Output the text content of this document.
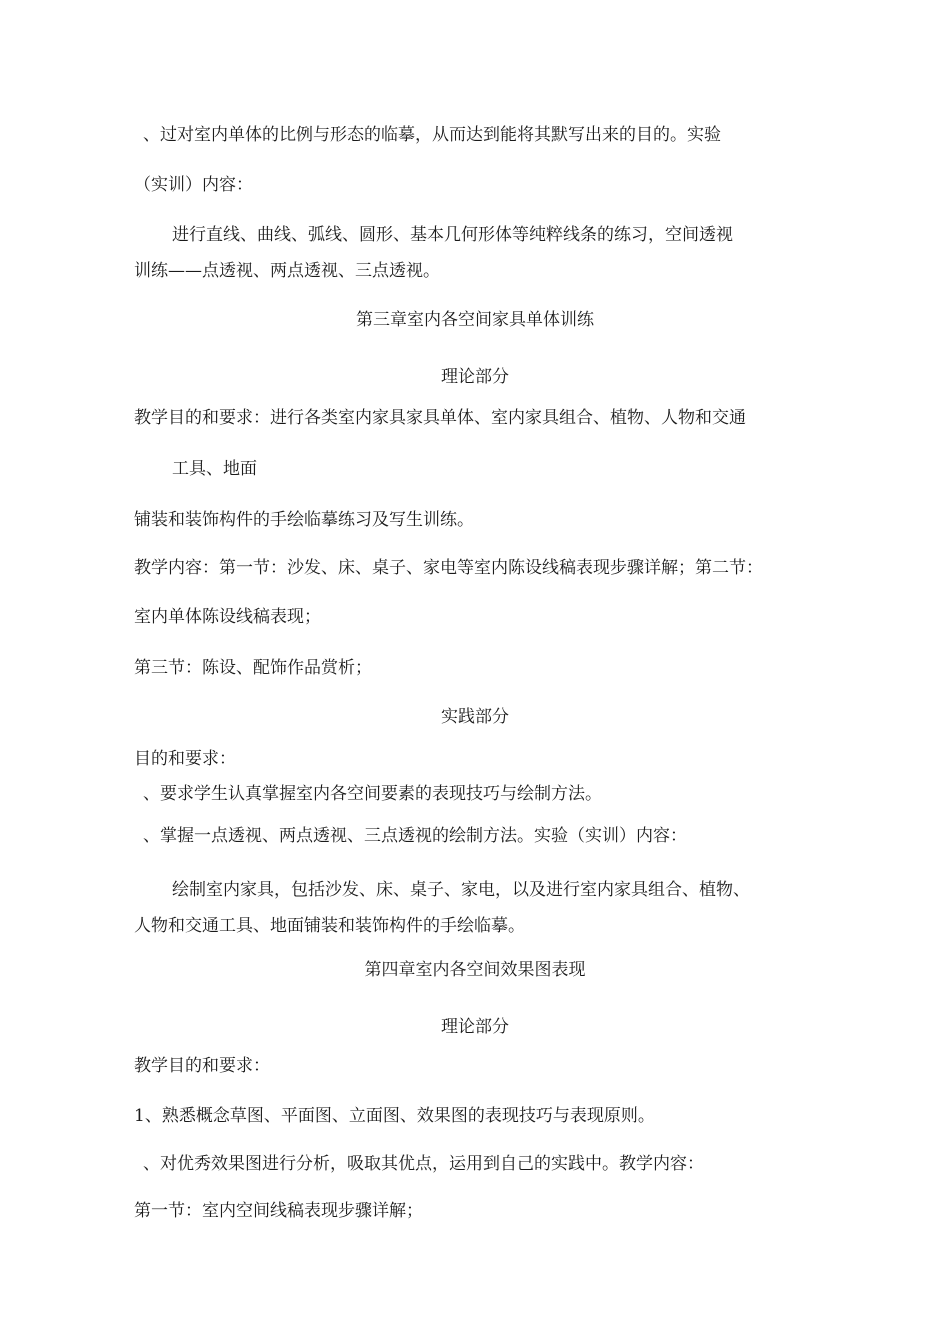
、过对室内单体的比例与形态的临摹，从而达到能将其默写出来的目的。实验
（实训）内容：
进行直线、曲线、弧线、圆形、基本几何形体等纯粹线条的练习，空间透视
训练——点透视、两点透视、三点透视。
第三章室内各空间家具单体训练
理论部分
教学目的和要求：进行各类室内家具家具单体、室内家具组合、植物、人物和交通
工具、地面
铺装和装饰构件的手绘临摹练习及写生训练。
教学内容：第一节：沙发、床、桌子、家电等室内陈设线稿表现步骤详解；第二节：
室内单体陈设线稿表现；
第三节：陈设、配饰作品赏析；
实践部分
目的和要求：
、要求学生认真掌握室内各空间要素的表现技巧与绘制方法。
、掌握一点透视、两点透视、三点透视的绘制方法。实验（实训）内容：
绘制室内家具，包括沙发、床、桌子、家电，以及进行室内家具组合、植物、
人物和交通工具、地面铺装和装饰构件的手绘临摹。
第四章室内各空间效果图表现
理论部分
教学目的和要求：
1、熟悉概念草图、平面图、立面图、效果图的表现技巧与表现原则。
、对优秀效果图进行分析，吸取其优点，运用到自己的实践中。教学内容：
第一节：室内空间线稿表现步骤详解；
